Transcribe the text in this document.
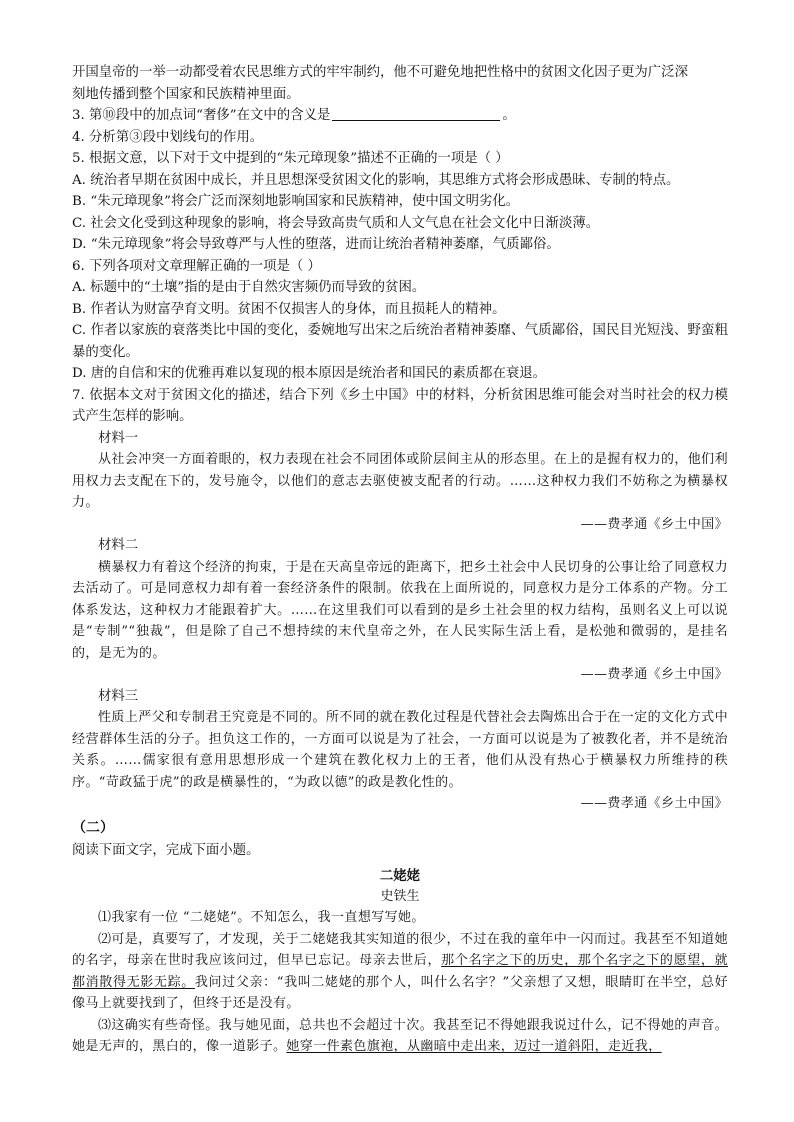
开国皇帝的一举一动都受着农民思维方式的牢牢制约，他不可避免地把性格中的贫困文化因子更为广泛深
刻地传播到整个国家和民族精神里面。
3. 第⑩段中的加点词“奢侈”在文中的含义是	。
4. 分析第③段中划线句的作用。
5. 根据文意，以下对于文中提到的“朱元璋现象”描述不正确的一项是（ ）
A. 统治者早期在贫困中成长，并且思想深受贫困文化的影响，其思维方式将会形成愚昧、专制的特点。
B. “朱元璋现象”将会广泛而深刻地影响国家和民族精神，使中国文明劣化。
C. 社会文化受到这种现象的影响，将会导致高贵气质和人文气息在社会文化中日渐淡薄。
D. “朱元璋现象”将会导致尊严与人性的堕落，进而让统治者精神萎靡，气质鄙俗。
6. 下列各项对文章理解正确的一项是（ ）
A. 标题中的“土壤”指的是由于自然灾害频仍而导致的贫困。
B. 作者认为财富孕育文明。贫困不仅损害人的身体，而且损耗人的精神。
C. 作者以家族的衰落类比中国的变化，委婉地写出宋之后统治者精神萎靡、气质鄙俗，国民目光短浅、野蛮粗暴的变化。
D. 唐的自信和宋的优雅再难以复现的根本原因是统治者和国民的素质都在衰退。
7. 依据本文对于贫困文化的描述，结合下列《乡土中国》中的材料，分析贫困思维可能会对当时社会的权力模式产生怎样的影响。
材料一
从社会冲突一方面着眼的，权力表现在社会不同团体或阶层间主从的形态里。在上的是握有权力的，他们利用权力去支配在下的，发号施令，以他们的意志去驱使被支配者的行动。……这种权力我们不妨称之为横暴权力。
——费孝通《乡土中国》
材料二
横暴权力有着这个经济的拘束，于是在天高皇帝远的距离下，把乡土社会中人民切身的公事让给了同意权力去活动了。可是同意权力却有着一套经济条件的限制。依我在上面所说的，同意权力是分工体系的产物。分工体系发达，这种权力才能跟着扩大。……在这里我们可以看到的是乡土社会里的权力结构，虽则名义上可以说是“专制”“独裁”，但是除了自己不想持续的末代皇帝之外，在人民实际生活上看，是松弛和微弱的，是挂名的，是无为的。
——费孝通《乡土中国》
材料三
性质上严父和专制君王究竟是不同的。所不同的就在教化过程是代替社会去陶炼出合于在一定的文化方式中经营群体生活的分子。担负这工作的，一方面可以说是为了社会，一方面可以说是为了被教化者，并不是统治关系。……儒家很有意用思想形成一个建筑在教化权力上的王者，他们从没有热心于横暴权力所维持的秩序。“苛政猛于虎”的政是横暴性的，“为政以德”的政是教化性的。
——费孝通《乡土中国》
（二）
阅读下面文字，完成下面小题。
二姥姥
史铁生
⑴我家有一位 “二姥姥”。不知怎么，我一直想写写她。
⑵可是，真要写了，才发现，关于二姥姥我其实知道的很少，不过在我的童年中一闪而过。我甚至不知道她的名字，母亲在世时我应该问过，但早已忘记。母亲去世后，那个名字之下的历史，那个名字之下的愿望，就都消散得无影无踪。我问过父亲：“我叫二姥姥的那个人，叫什么名字？”父亲想了又想，眼睛盯在半空，总好像马上就要找到了，但终于还是没有。
⑶这确实有些奇怪。我与她见面，总共也不会超过十次。我甚至记不得她跟我说过什么，记不得她的声音。她是无声的，黑白的，像一道影子。她穿一件素色旗袍，从幽暗中走出来，迈过一道斜阳，走近我，
